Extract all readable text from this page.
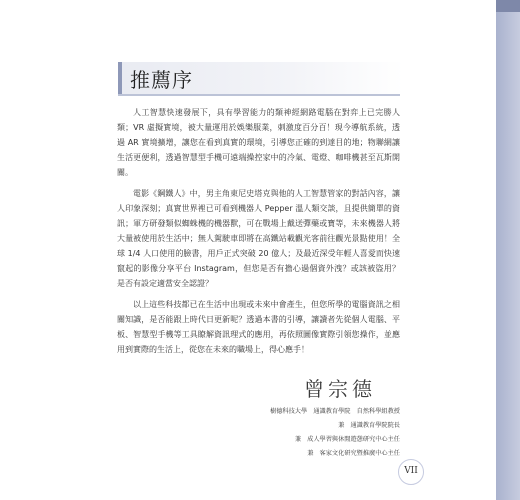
推薦序

人工智慧快速發展下，具有學習能力的類神經網路電腦在對弈上已完勝人類；VR 虛擬實境，被大量運用於娛樂服業，刺激度百分百！現今導航系統，透過 AR 實境擴增，讓您在看到真實的環境，引導您正確的到達目的地；物聯網讓生活更便利，透過智慧型手機可遠端操控家中的冷氣、電燈、咖啡機甚至瓦斯開關。

電影《鋼鐵人》中，男主角東尼史塔克與他的人工智慧管家的對話內容，讓人印象深刻；真實世界裡已可看到機器人 Pepper 溫人類交談，且提供簡單的資訊；軍方研發類似蜘蛛機的機器獸，可在戰場上戴送彈藥或寶等，未來機器人將大量被使用於生活中；無人駕駛車即將在高鐵站載觀光客前往觀光景點使用！全球 1/4 人口使用的臉書，用戶正式突破 20 億人；及最近深受年輕人喜愛而快速竄起的影像分享平台 Instagram，但您是否有擔心過個資外洩？或該被盜用？是否有設定適當安全認證？

以上這些科技都已在生活中出現或未來中會產生，但您所學的電腦資訊之相關知識，是否能跟上時代日更新呢？透過本書的引導，讓讀者先從個人電腦、平板、智慧型手機等工具瞭解資訊理式的應用，再依照圖像實際引領您操作，並應用到實際的生活上，從您在未來的職場上，得心應手！

曾宗德
樹德科技大學　通識教育學院　自然科學組教授
兼　通識教育學院院長
兼　成人學習與休閒遊憩研究中心主任
兼　客家文化研究暨推廣中心主任
VII
